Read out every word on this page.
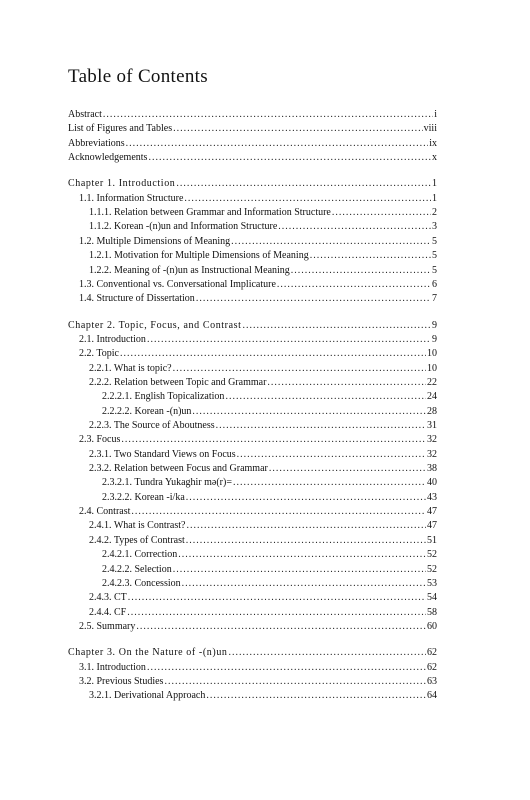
Table of Contents
Abstract .....	i
List of Figures and Tables .....	viii
Abbreviations .....	ix
Acknowledgements .....	x
Chapter 1. Introduction .....	1
1.1. Information Structure .....	1
1.1.1. Relation between Grammar and Information Structure .....	2
1.1.2. Korean -(n)un and Information Structure .....	3
1.2. Multiple Dimensions of Meaning .....	5
1.2.1. Motivation for Multiple Dimensions of Meaning .....	5
1.2.2. Meaning of -(n)un as Instructional Meaning .....	5
1.3. Conventional vs. Conversational Implicature .....	6
1.4. Structure of Dissertation .....	7
Chapter 2. Topic, Focus, and Contrast .....	9
2.1. Introduction .....	9
2.2. Topic .....	10
2.2.1. What is topic? .....	10
2.2.2. Relation between Topic and Grammar .....	22
2.2.2.1. English Topicalization .....	24
2.2.2.2. Korean -(n)un .....	28
2.2.3. The Source of Aboutness .....	31
2.3. Focus .....	32
2.3.1. Two Standard Views on Focus .....	32
2.3.2. Relation between Focus and Grammar .....	38
2.3.2.1. Tundra Yukaghir mə(r)= .....	40
2.3.2.2. Korean -i/ka .....	43
2.4. Contrast .....	47
2.4.1. What is Contrast? .....	47
2.4.2. Types of Contrast .....	51
2.4.2.1. Correction .....	52
2.4.2.2. Selection .....	52
2.4.2.3. Concession .....	53
2.4.3. CT .....	54
2.4.4. CF .....	58
2.5. Summary .....	60
Chapter 3. On the Nature of -(n)un .....	62
3.1. Introduction .....	62
3.2. Previous Studies .....	63
3.2.1. Derivational Approach .....	64
